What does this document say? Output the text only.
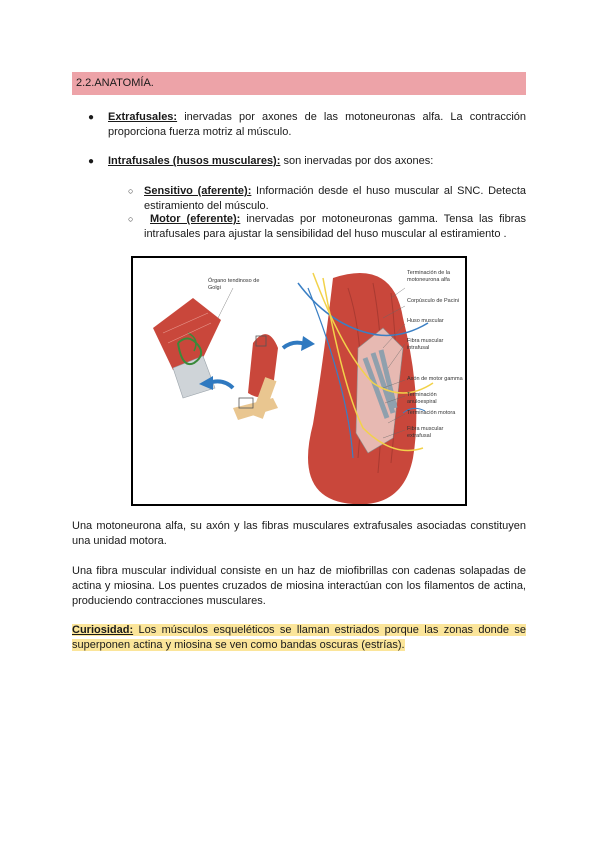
2.2.ANATOMÍA.
● Extrafusales: inervadas por axones de las motoneuronas alfa. La contracción proporciona fuerza motriz al músculo.
● Intrafusales (husos musculares): son inervadas por dos axones:
○ Sensitivo (aferente): Información desde el huso muscular al SNC. Detecta estiramiento del músculo.
○	Motor (eferente): inervadas por motoneuronas gamma. Tensa las fibras intrafusales para ajustar la sensibilidad del huso muscular al estiramiento .
Órgano tendinoso de Golgi
Terminación de la motoneurona alfa
Corpúsculo de Pacini
Huso muscular
Fibra muscular intrafusal
Axón de motor gamma
Terminación anuloespiral
Terminación motora
Fibra muscular extrafusal
Una motoneurona alfa, su axón y las fibras musculares extrafusales asociadas constituyen una unidad motora.
Una fibra muscular individual consiste en un haz de miofibrillas con cadenas solapadas de actina y miosina. Los puentes cruzados de miosina interactúan con los filamentos de actina, produciendo contracciones musculares.
Curiosidad: Los músculos esqueléticos se llaman estriados porque las zonas donde se superponen actina y miosina se ven como bandas oscuras (estrías).
